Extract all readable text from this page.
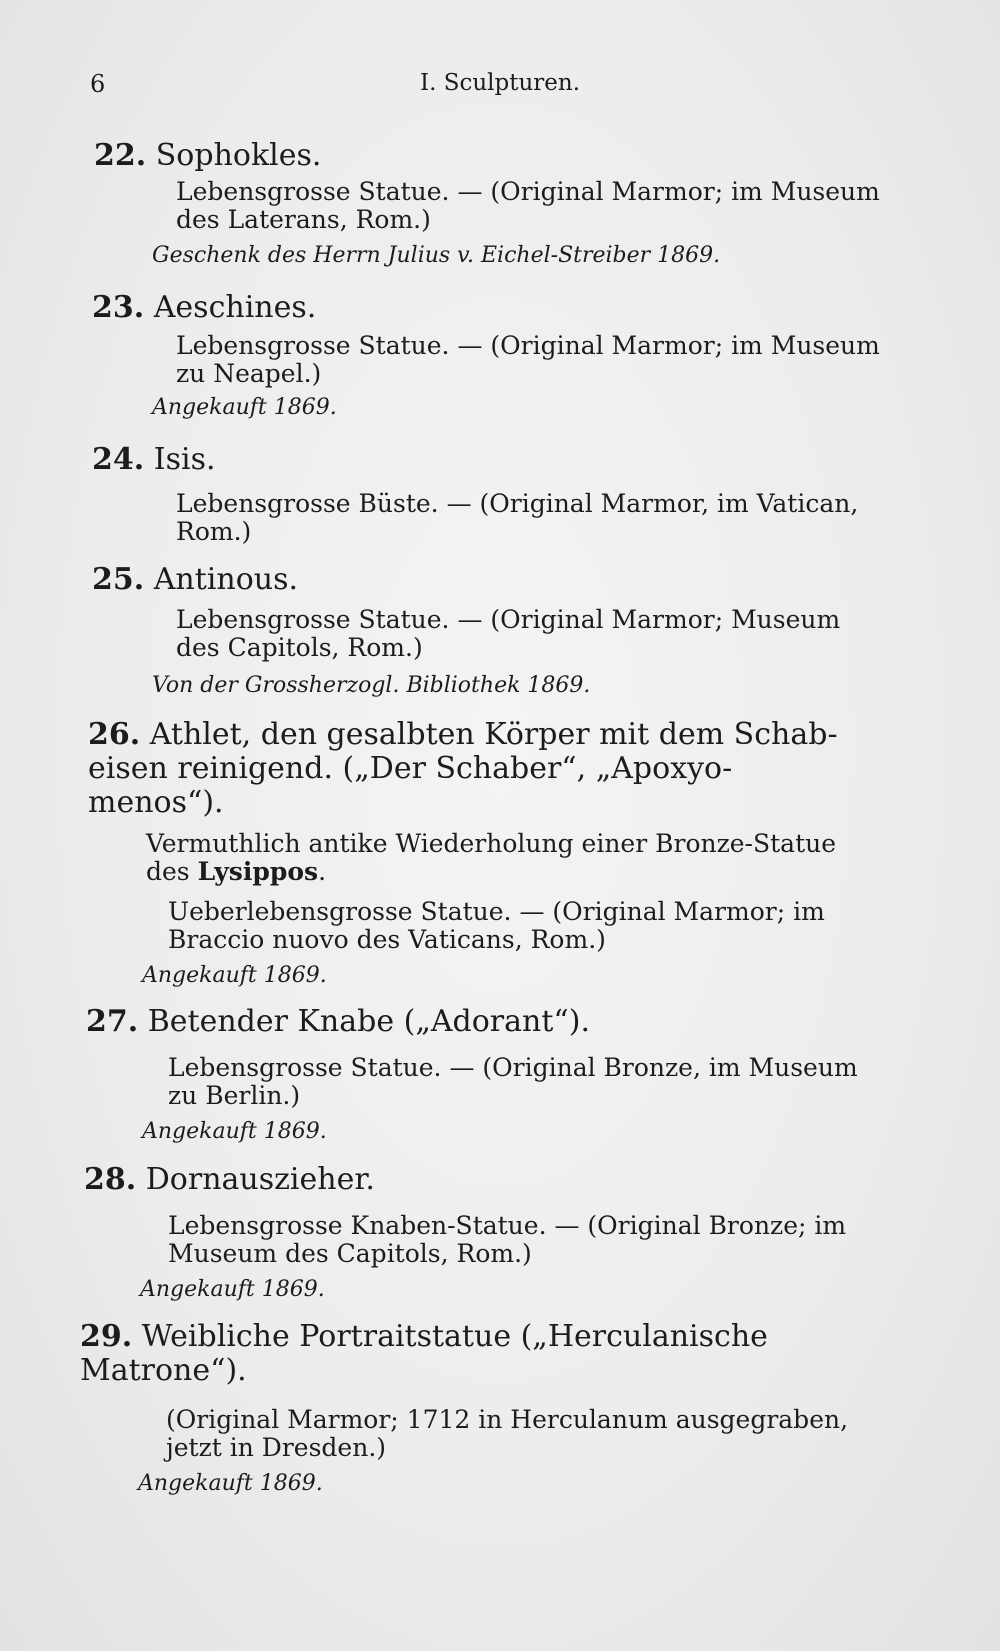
6	I. Sculpturen.
22. Sophokles.
Lebensgrosse Statue. — (Original Marmor; im Museum
des Laterans, Rom.)
Geschenk des Herrn Julius v. Eichel-Streiber 1869.
23. Aeschines.
Lebensgrosse Statue. — (Original Marmor; im Museum
zu Neapel.)
Angekauft 1869.
24. Isis.
Lebensgrosse Büste. — (Original Marmor, im Vatican,
Rom.)
25. Antinous.
Lebensgrosse Statue. — (Original Marmor; Museum
des Capitols, Rom.)
Von der Grossherzogl. Bibliothek 1869.
26. Athlet, den gesalbten Körper mit dem Schab-
eisen reinigend. („Der Schaber“, „Apoxyo-
menos“).
Vermuthlich antike Wiederholung einer Bronze-Statue
des Lysippos.
Ueberlebensgrosse Statue. — (Original Marmor; im
Braccio nuovo des Vaticans, Rom.)
Angekauft 1869.
27. Betender Knabe („Adorant“).
Lebensgrosse Statue. — (Original Bronze, im Museum
zu Berlin.)
Angekauft 1869.
28. Dornauszieher.
Lebensgrosse Knaben-Statue. — (Original Bronze; im
Museum des Capitols, Rom.)
Angekauft 1869.
29. Weibliche Portraitstatue („Herculanische
Matrone“).
(Original Marmor; 1712 in Herculanum ausgegraben,
jetzt in Dresden.)
Angekauft 1869.
